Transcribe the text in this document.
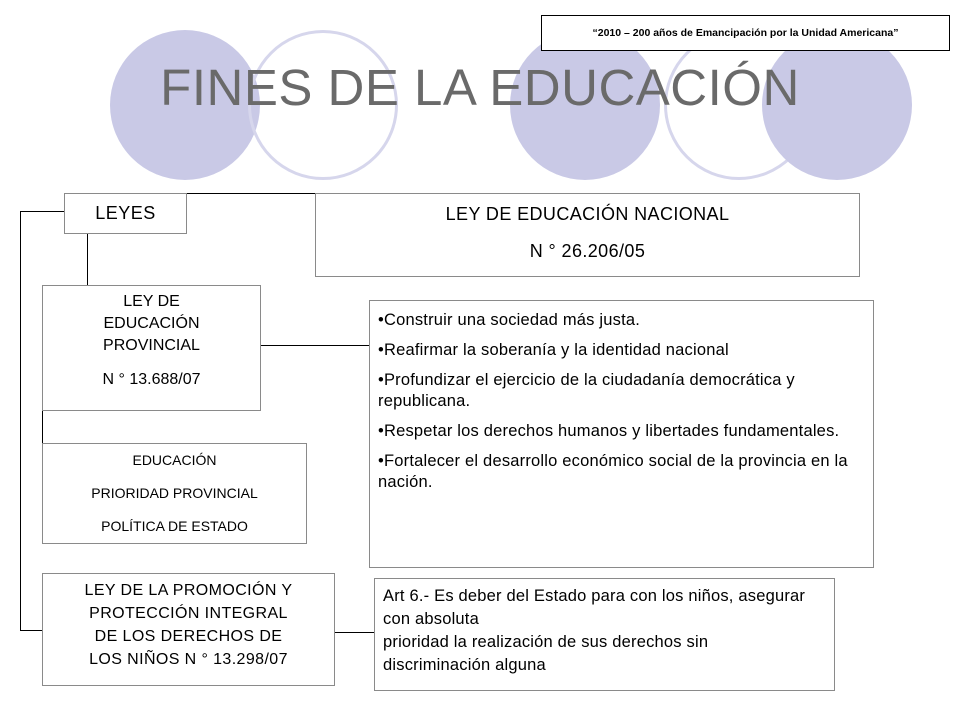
“2010 – 200 años de Emancipación por la Unidad Americana”
FINES DE LA EDUCACIÓN
LEYES	LEY DE EDUCACIÓN NACIONAL

N ° 26.206/05

LEY DE

EDUCACIÓN

PROVINCIAL

N ° 13.688/07

EDUCACIÓN

PRIORIDAD PROVINCIAL

POLÍTICA DE ESTADO

•Construir una sociedad más justa.

•Reafirmar la soberanía y la identidad nacional

•Profundizar el ejercicio de la ciudadanía democrática y republicana.

•Respetar los derechos humanos y libertades fundamentales.

•Fortalecer el desarrollo económico social de la provincia en la nación.

LEY DE LA PROMOCIÓN Y

PROTECCIÓN INTEGRAL

DE LOS DERECHOS DE

LOS NIÑOS N ° 13.298/07

Art 6.- Es deber del Estado para con los niños, asegurar con absoluta

prioridad la realización de sus derechos sin discriminación alguna
